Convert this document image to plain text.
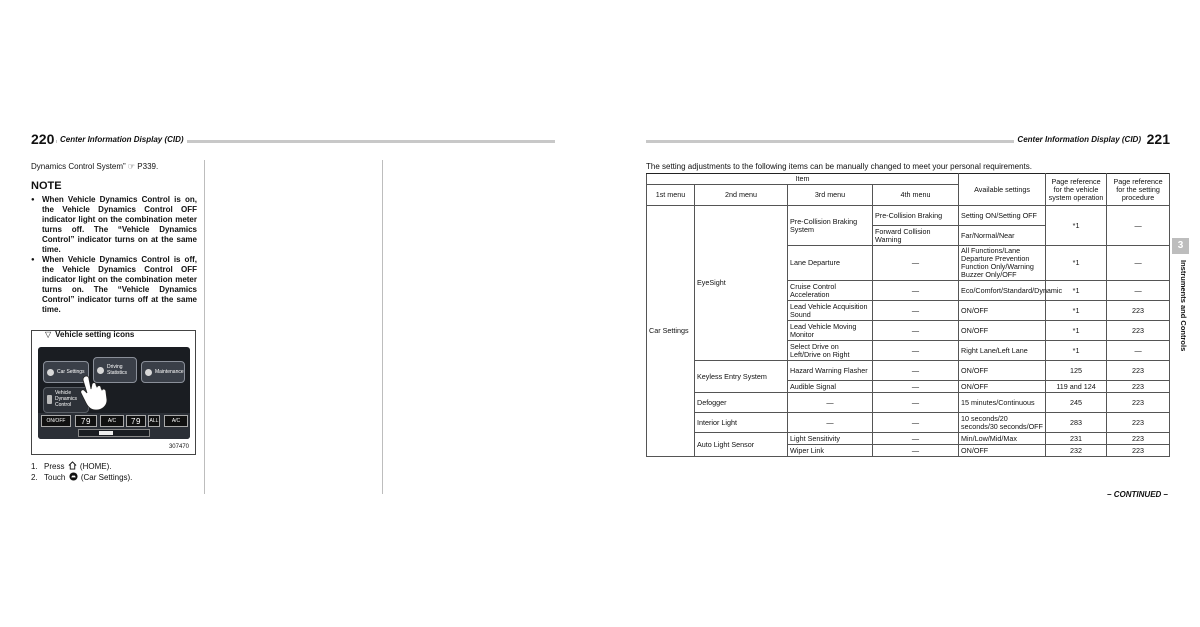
220 Center Information Display (CID)

Dynamics Control System” ☞ P339.

NOTE
● When Vehicle Dynamics Control is on, the Vehicle Dynamics Control OFF indicator light on the combination meter turns off. The “Vehicle Dynamics Control” indicator turns on at the same time.
● When Vehicle Dynamics Control is off, the Vehicle Dynamics Control OFF indicator light on the combination meter turns on. The “Vehicle Dynamics Control” indicator turns off at the same time.

▽ Vehicle setting icons

Car Settings
Driving
Statistics	Maintenance
Vehicle
Dynamics
Control
ON/OFF	79	A/C	79	ALL	A/C
307470
1. Press (HOME).
2. Touch (Car Settings).
Center Information Display (CID) 221

The setting adjustments to the following items can be manually changed to meet your personal requirements.

Item				Available settings	Page reference for the vehicle system operation	Page reference for the setting procedure
1st menu	2nd menu	3rd menu	4th menu			
Car Settings	EyeSight	Pre-Collision Braking System	Pre-Collision Braking	Setting ON/Setting OFF	*1	—
			Forward Collision Warning	Far/Normal/Near		
		Lane Departure	—	All Functions/Lane Departure Prevention Function Only/Warning Buzzer Only/OFF	*1	—
		Cruise Control Acceleration	—	Eco/Comfort/Standard/Dynamic	*1	—
		Lead Vehicle Acquisition Sound	—	ON/OFF	*1	223
		Lead Vehicle Moving Monitor	—	ON/OFF	*1	223
		Select Drive on Left/Drive on Right	—	Right Lane/Left Lane	*1	—
	Keyless Entry System	Hazard Warning Flasher	—	ON/OFF	125	223
		Audible Signal	—	ON/OFF	119 and 124	223
	Defogger	—	—	15 minutes/Continuous	245	223
	Interior Light	—	—	10 seconds/20 seconds/30 seconds/OFF	283	223
	Auto Light Sensor	Light Sensitivity	—	Min/Low/Mid/Max	231	223
		Wiper Link	—	ON/OFF	232	223
3
Instruments and Controls
– CONTINUED –
